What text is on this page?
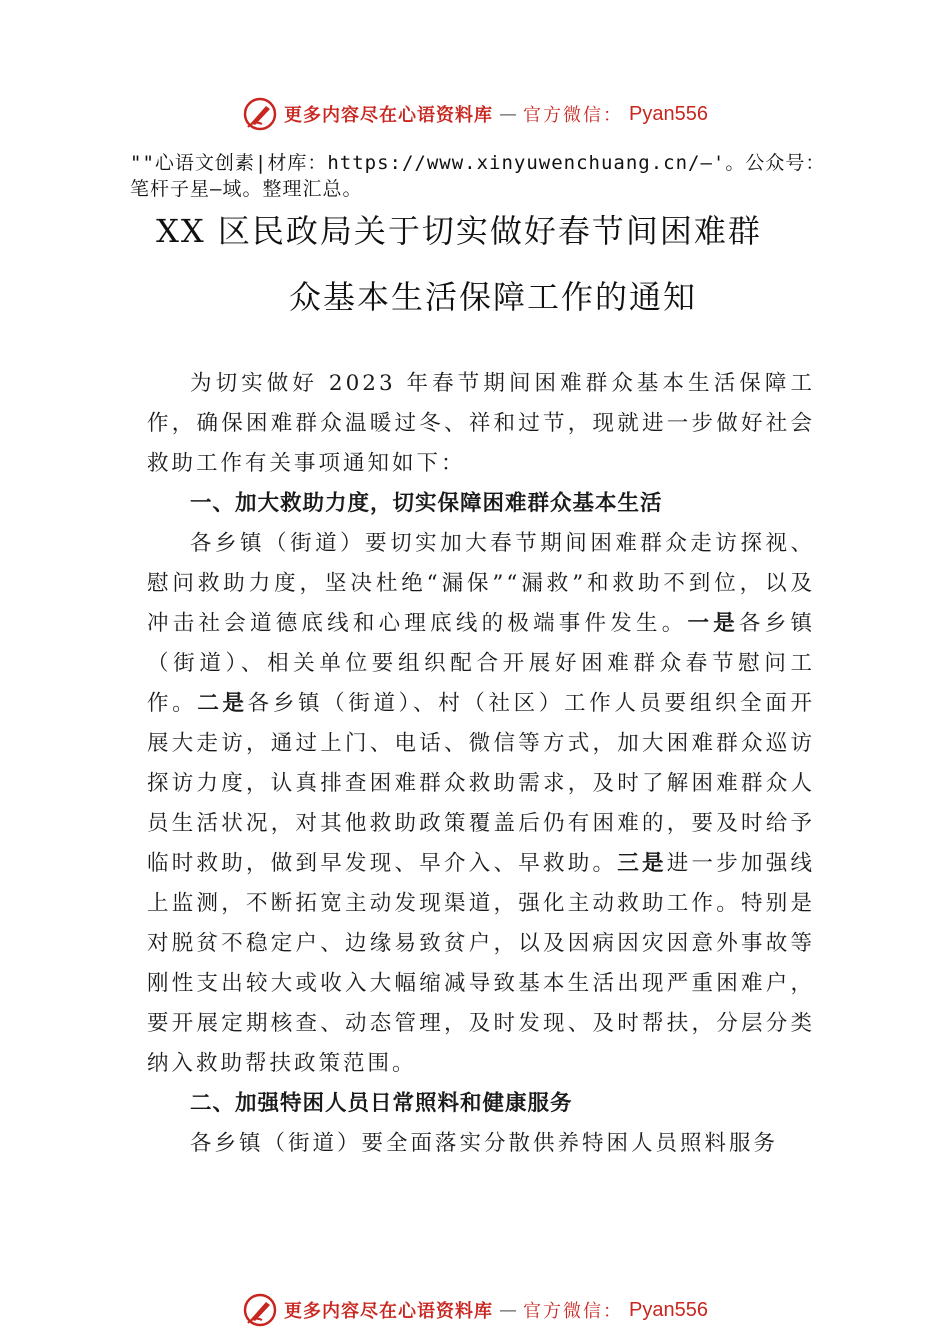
更多内容尽在心语资料库 — 官方微信： Pyan556
""心语文创素|材库：https://www.xinyuwenchuang.cn/—'。公众号：笔杆子星—域。整理汇总。
XX 区民政局关于切实做好春节间困难群
众基本生活保障工作的通知

为切实做好 2023 年春节期间困难群众基本生活保障工作，确保困难群众温暖过冬、祥和过节，现就进一步做好社会救助工作有关事项通知如下：

一、加大救助力度，切实保障困难群众基本生活

各乡镇（街道）要切实加大春节期间困难群众走访探视、慰问救助力度，坚决杜绝“漏保”“漏救”和救助不到位，以及冲击社会道德底线和心理底线的极端事件发生。一是各乡镇（街道）、相关单位要组织配合开展好困难群众春节慰问工作。二是各乡镇（街道）、村（社区）工作人员要组织全面开展大走访，通过上门、电话、微信等方式，加大困难群众巡访探访力度，认真排查困难群众救助需求，及时了解困难群众人员生活状况，对其他救助政策覆盖后仍有困难的，要及时给予临时救助，做到早发现、早介入、早救助。三是进一步加强线上监测，不断拓宽主动发现渠道，强化主动救助工作。特别是对脱贫不稳定户、边缘易致贫户，以及因病因灾因意外事故等刚性支出较大或收入大幅缩减导致基本生活出现严重困难户，要开展定期核查、动态管理，及时发现、及时帮扶，分层分类纳入救助帮扶政策范围。

二、加强特困人员日常照料和健康服务

各乡镇（街道）要全面落实分散供养特困人员照料服务

更多内容尽在心语资料库 — 官方微信： Pyan556
